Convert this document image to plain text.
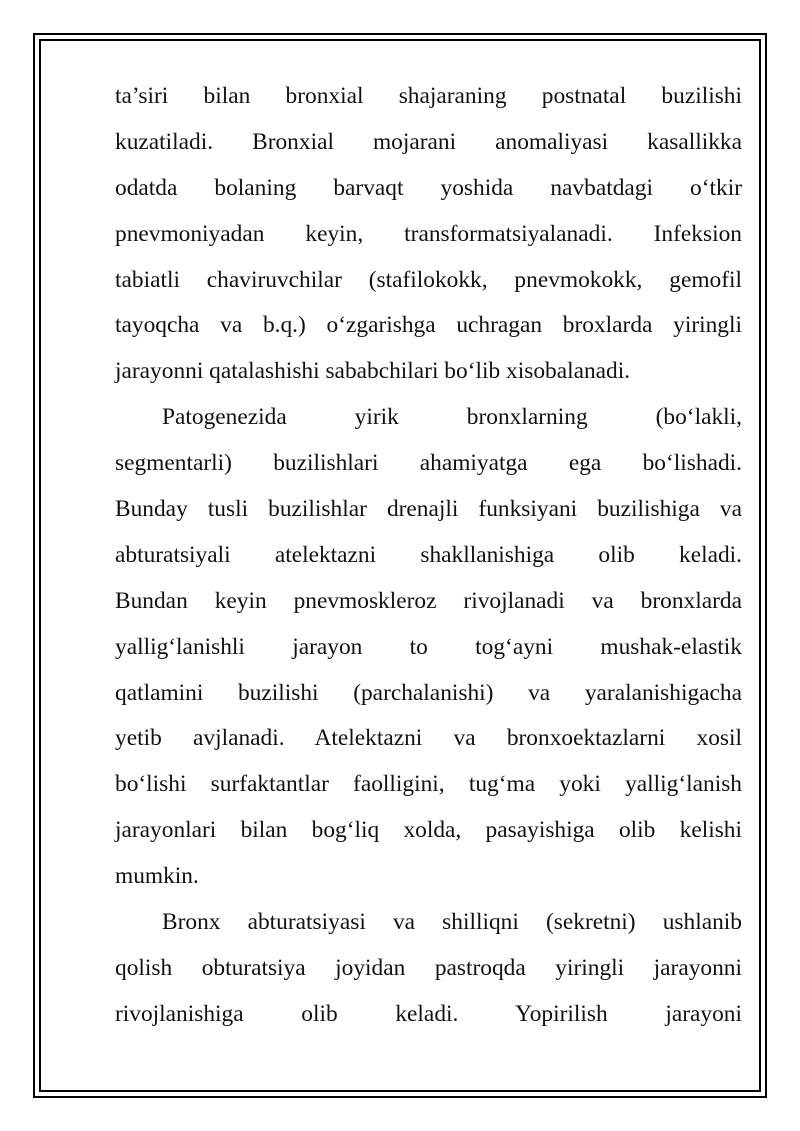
ta’siri bilan bronxial shajaraning postnatal buzilishi
kuzatiladi. Bronxial mojarani anomaliyasi kasallikka
odatda bolaning barvaqt yoshida navbatdagi o‘tkir
pnevmoniyadan keyin, transformatsiyalanadi. Infeksion
tabiatli chaviruvchilar (stafilokokk, pnevmokokk, gemofil
tayoqcha va b.q.) o‘zgarishga uchragan broxlarda yiringli
jarayonni qatalashishi sababchilari bo‘lib xisobalanadi.

Patogenezida yirik bronxlarning (bo‘lakli,
segmentarli) buzilishlari ahamiyatga ega bo‘lishadi.
Bunday tusli buzilishlar drenajli funksiyani buzilishiga va
abturatsiyali atelektazni shakllanishiga olib keladi.
Bundan keyin pnevmoskleroz rivojlanadi va bronxlarda
yallig‘lanishli jarayon to tog‘ayni mushak-elastik
qatlamini buzilishi (parchalanishi) va yaralanishigacha
yetib avjlanadi. Atelektazni va bronxoektazlarni xosil
bo‘lishi surfaktantlar faolligini, tug‘ma yoki yallig‘lanish
jarayonlari bilan bog‘liq xolda, pasayishiga olib kelishi
mumkin.

Bronx abturatsiyasi va shilliqni (sekretni) ushlanib
qolish obturatsiya joyidan pastroqda yiringli jarayonni
rivojlanishiga olib keladi. Yopirilish jarayoni
